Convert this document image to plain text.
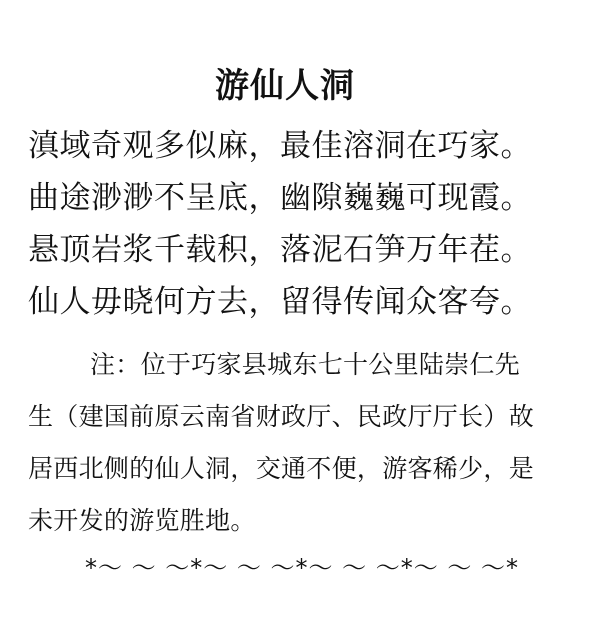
游仙人洞
滇域奇观多似麻，最佳溶洞在巧家。
曲途渺渺不呈底，幽隙巍巍可现霞。
悬顶岩浆千载积，落泥石笋万年茬。
仙人毋晓何方去，留得传闻众客夸。
注：位于巧家县城东七十公里陆崇仁先
生（建国前原云南省财政厅、民政厅厅长）故
居西北侧的仙人洞，交通不便，游客稀少，是
未开发的游览胜地。
*～ ～ ～*～ ～ ～*～ ～ ～*～ ～ ～*
